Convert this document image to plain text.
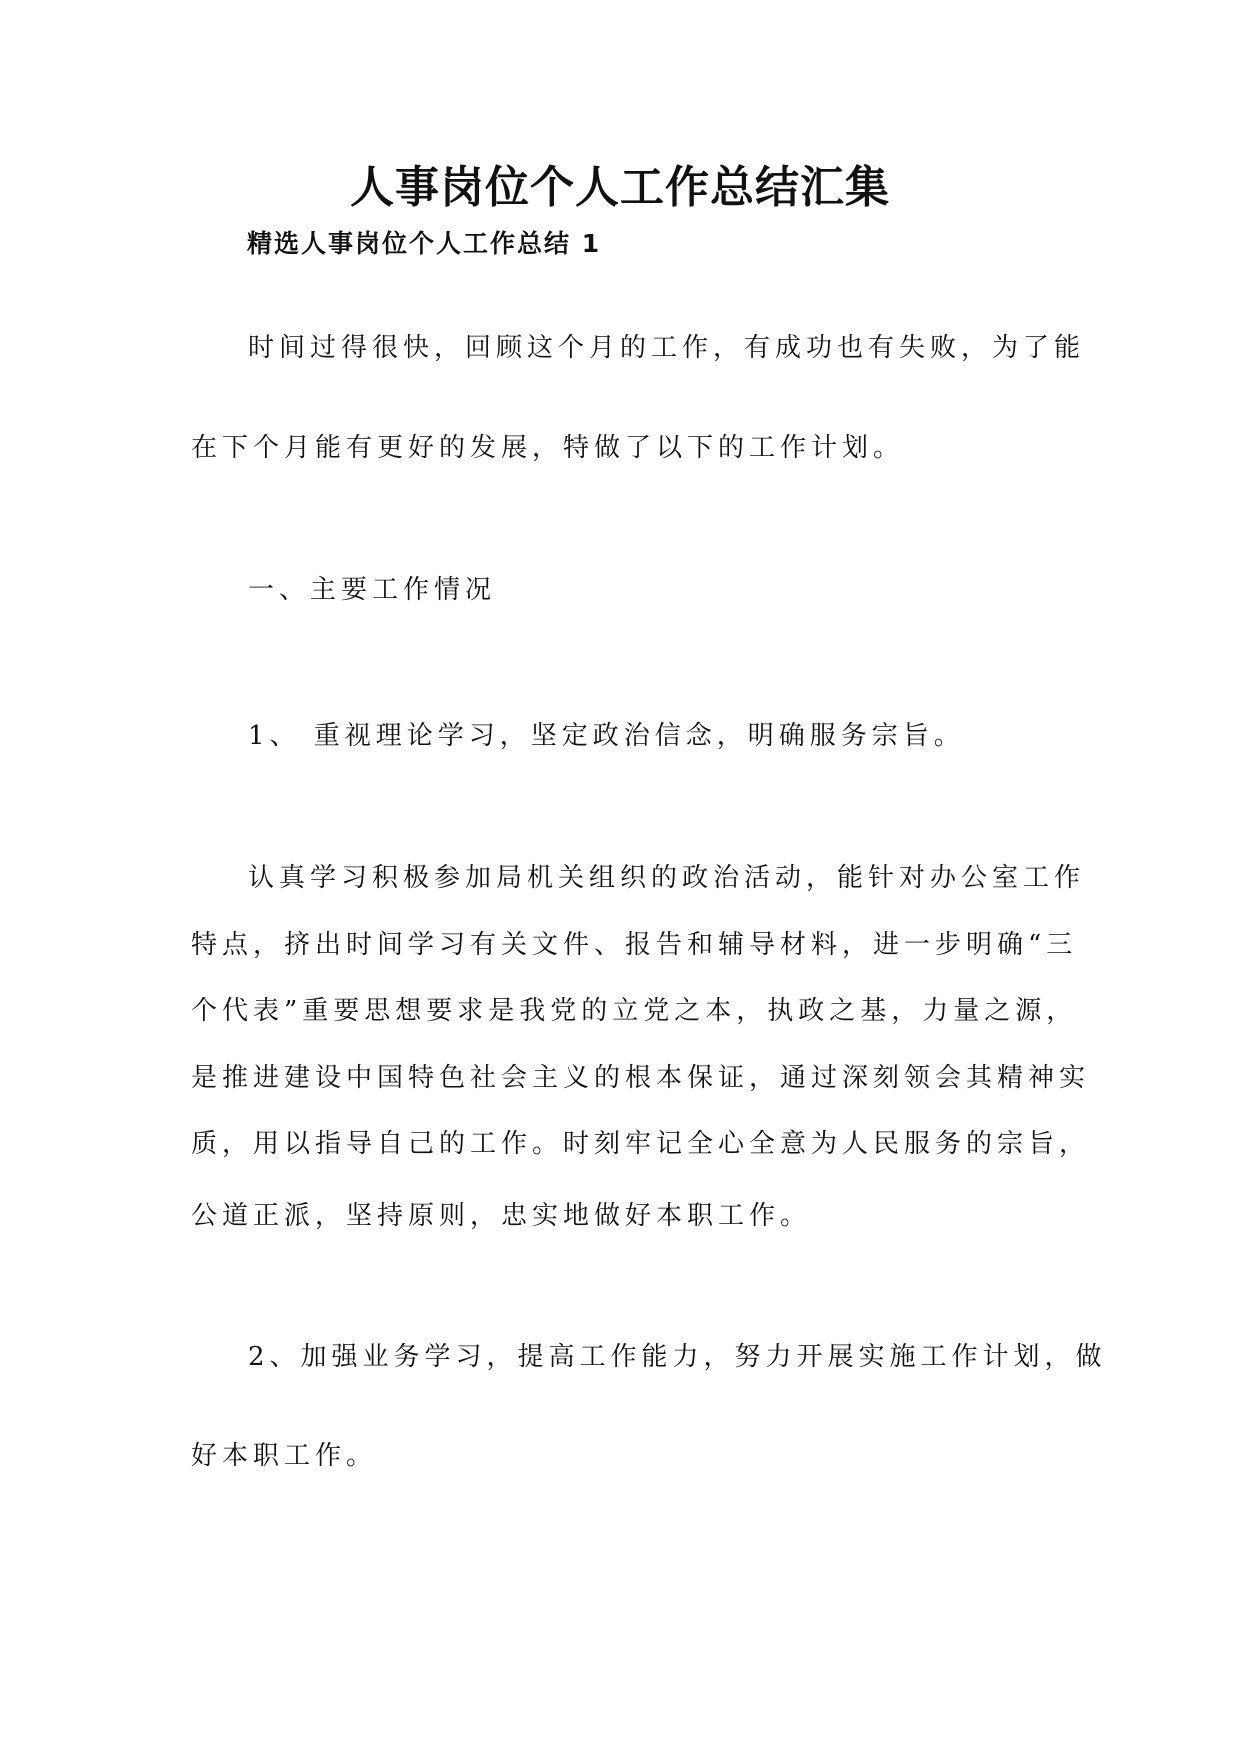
人事岗位个人工作总结汇集
精选人事岗位个人工作总结 1
时间过得很快，回顾这个月的工作，有成功也有失败，为了能
在下个月能有更好的发展，特做了以下的工作计划。
一、主要工作情况
1、 重视理论学习，坚定政治信念，明确服务宗旨。
认真学习积极参加局机关组织的政治活动，能针对办公室工作
特点，挤出时间学习有关文件、报告和辅导材料，进一步明确“三
个代表”重要思想要求是我党的立党之本，执政之基，力量之源，
是推进建设中国特色社会主义的根本保证，通过深刻领会其精神实
质，用以指导自己的工作。时刻牢记全心全意为人民服务的宗旨，
公道正派，坚持原则，忠实地做好本职工作。
2、加强业务学习，提高工作能力，努力开展实施工作计划，做
好本职工作。
